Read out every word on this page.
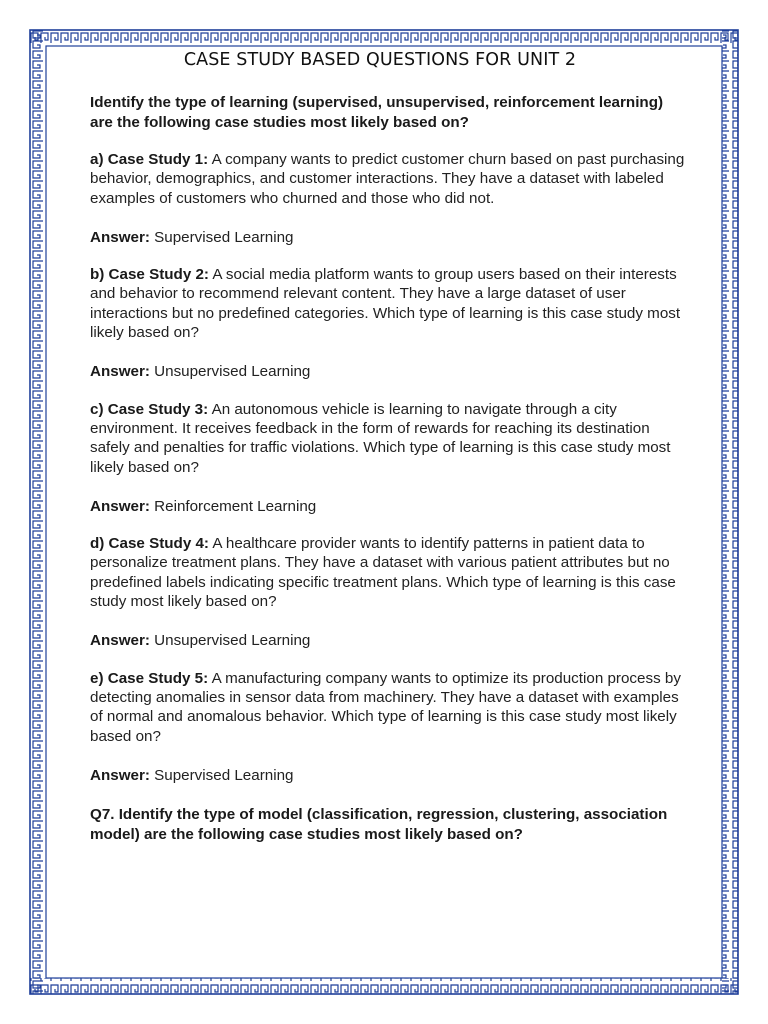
CASE STUDY BASED QUESTIONS FOR UNIT 2
Identify the type of learning (supervised, unsupervised, reinforcement learning) are the following case studies most likely based on?

a) Case Study 1: A company wants to predict customer churn based on past purchasing behavior, demographics, and customer interactions. They have a dataset with labeled examples of customers who churned and those who did not.

Answer: Supervised Learning

b) Case Study 2: A social media platform wants to group users based on their interests and behavior to recommend relevant content. They have a large dataset of user interactions but no predefined categories. Which type of learning is this case study most likely based on?

Answer: Unsupervised Learning

c) Case Study 3: An autonomous vehicle is learning to navigate through a city environment. It receives feedback in the form of rewards for reaching its destination safely and penalties for traffic violations. Which type of learning is this case study most likely based on?

Answer: Reinforcement Learning

d) Case Study 4: A healthcare provider wants to identify patterns in patient data to personalize treatment plans. They have a dataset with various patient attributes but no predefined labels indicating specific treatment plans. Which type of learning is this case study most likely based on?

Answer: Unsupervised Learning

e) Case Study 5: A manufacturing company wants to optimize its production process by detecting anomalies in sensor data from machinery. They have a dataset with examples of normal and anomalous behavior. Which type of learning is this case study most likely based on?

Answer: Supervised Learning

Q7. Identify the type of model (classification, regression, clustering, association model) are the following case studies most likely based on?
